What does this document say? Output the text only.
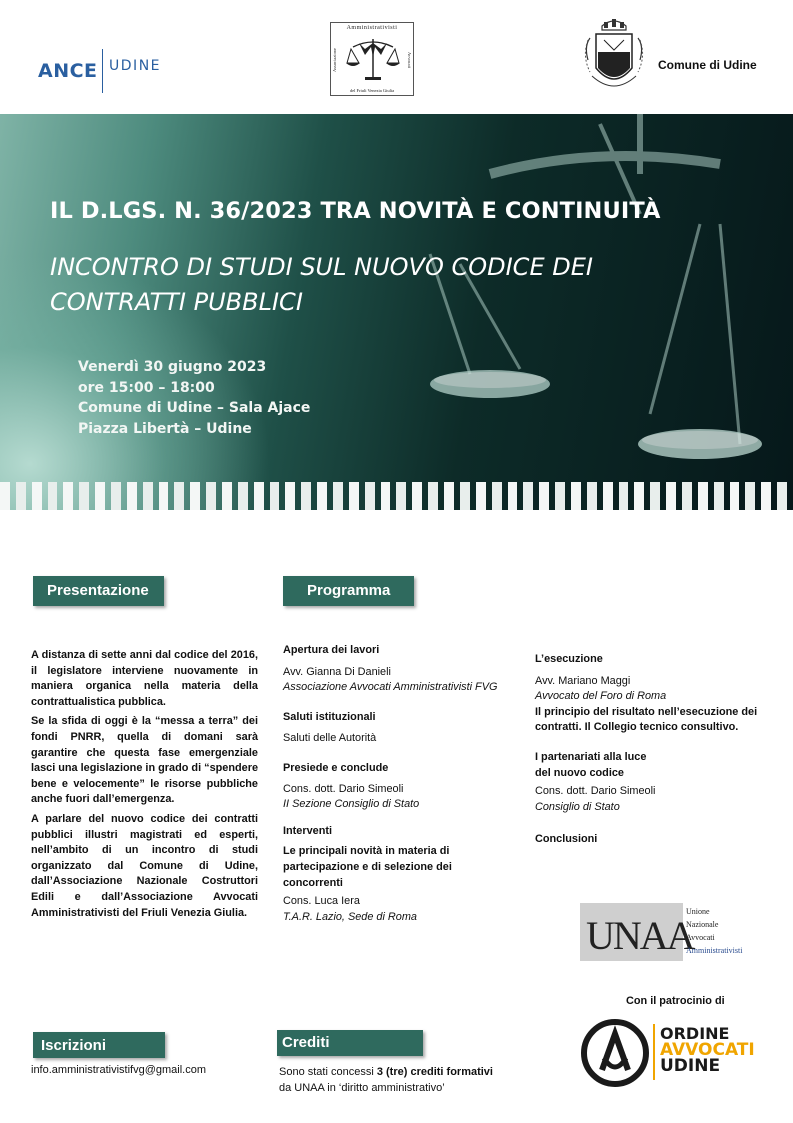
ANCE UDINE
Amministrativisti
Associazione	Avvocati
del Friuli Venezia Giulia
Comune di Udine
IL D.LGS. N. 36/2023 TRA NOVITÀ E CONTINUITÀ
INCONTRO DI STUDI SUL NUOVO CODICE DEI
CONTRATTI PUBBLICI
Venerdì 30 giugno 2023
ore 15:00 – 18:00
Comune di Udine – Sala Ajace
Piazza Libertà – Udine
Presentazione	Programma

A distanza di sette anni dal codice del 2016, il legislatore interviene nuovamente in maniera organica nella materia della contrattualistica pubblica.

Se la sfida di oggi è la “messa a terra” dei fondi PNRR, quella di domani sarà garantire che questa fase emergenziale lasci una legislazione in grado di “spendere bene e velocemente” le risorse pubbliche anche fuori dall’emergenza.

A parlare del nuovo codice dei contratti pubblici illustri magistrati ed esperti, nell’ambito di un incontro di studi organizzato dal Comune di Udine, dall’Associazione Nazionale Costruttori Edili e dall’Associazione Avvocati Amministrativisti del Friuli Venezia Giulia.

Apertura dei lavori
Avv. Gianna Di Danieli
Associazione Avvocati Amministrativisti FVG
Saluti istituzionali
Saluti delle Autorità
Presiede e conclude
Cons. dott. Dario Simeoli
II Sezione Consiglio di Stato
Interventi
Le principali novità in materia di
partecipazione e di selezione dei
concorrenti
Cons. Luca Iera
T.A.R. Lazio, Sede di Roma
L’esecuzione
Avv. Mariano Maggi
Avvocato del Foro di Roma
Il principio del risultato nell’esecuzione dei
contratti. Il Collegio tecnico consultivo.
I partenariati alla luce
del nuovo codice
Cons. dott. Dario Simeoli
Consiglio di Stato
Conclusioni
UNAA
Unione
Nazionale
Avvocati
Amministrativisti
Con il patrocinio di
ORDINE
AVVOCATI
UDINE
Iscrizioni	Crediti
info.amministrativistifvg@gmail.com	Sono stati concessi 3 (tre) crediti formativi
da UNAA in ‘diritto amministrativo’
